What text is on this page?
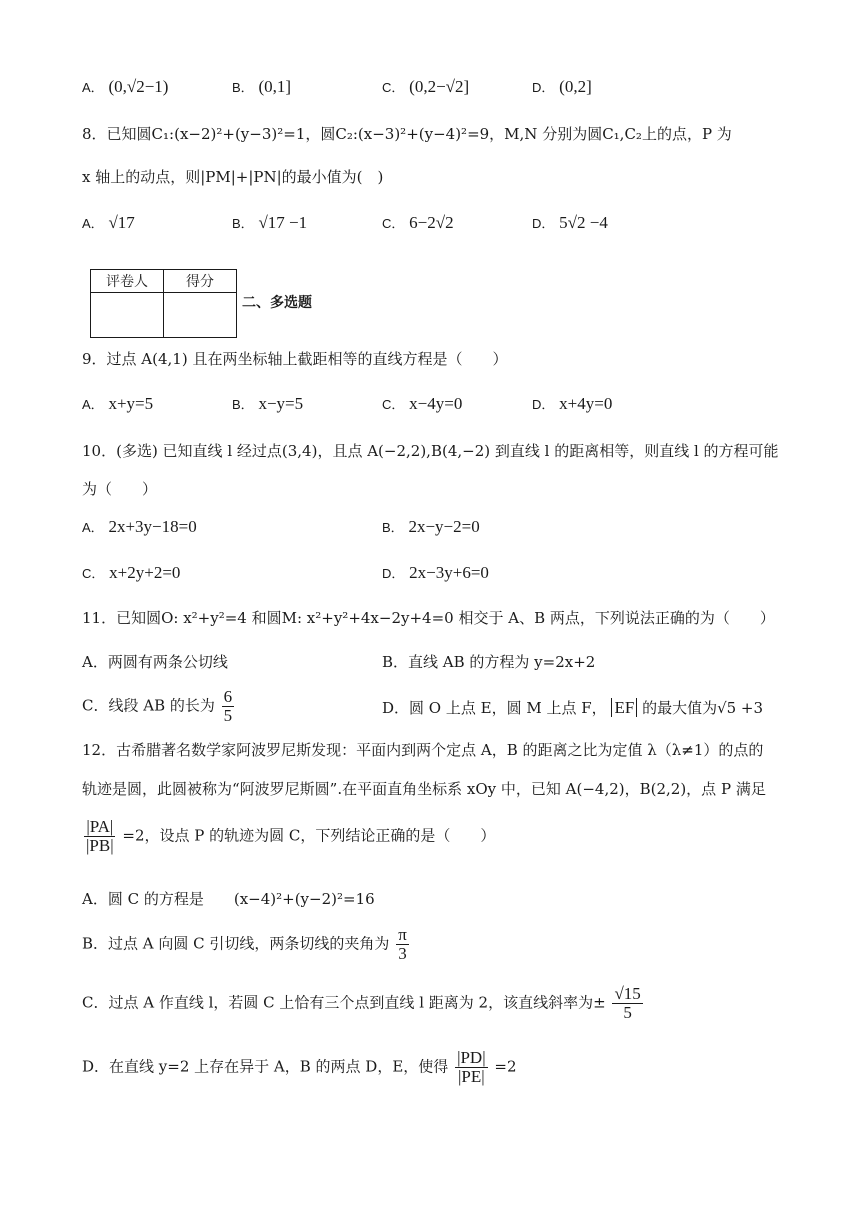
A． (0,√2−1)	B． (0,1]	C． (0,2−√2]	D． (0,2]
8．已知圆C₁:(x−2)²+(y−3)²=1，圆C₂:(x−3)²+(y−4)²=9，M,N 分别为圆C₁,C₂上的点，P 为
x 轴上的动点，则|PM|+|PN|的最小值为(　)
A． √17	B． √17 −1	C． 6−2√2	D． 5√2 −4
评卷人	得分

二、多选题
9．过点 A(4,1) 且在两坐标轴上截距相等的直线方程是（　　）
A． x+y=5	B． x−y=5	C． x−4y=0	D． x+4y=0
10．(多选) 已知直线 l 经过点(3,4)，且点 A(−2,2),B(4,−2) 到直线 l 的距离相等，则直线 l 的方程可能
为（　　）
A． 2x+3y−18=0	B． 2x−y−2=0
C． x+2y+2=0	D． 2x−3y+6=0
11．已知圆O: x²+y²=4 和圆M: x²+y²+4x−2y+4=0 相交于 A、B 两点，下列说法正确的为（　　）
A．两圆有两条公切线	B．直线 AB 的方程为 y=2x+2
C．线段 AB 的长为 $\frac{6}{5}$	D．圆 O 上点 E，圆 M 上点 F， EF 的最大值为√5 +3
12．古希腊著名数学家阿波罗尼斯发现：平面内到两个定点 A，B 的距离之比为定值 λ（λ≠1）的点的
轨迹是圆，此圆被称为“阿波罗尼斯圆”.在平面直角坐标系 xOy 中，已知 A(−4,2)，B(2,2)，点 P 满足
$\frac{|PA|}{|PB|} =2$，设点 P 的轨迹为圆 C，下列结论正确的是（　　）
A．圆 C 的方程是　　(x−4)²+(y−2)²=16
B．过点 A 向圆 C 引切线，两条切线的夹角为 $\frac{\pi}{3}$
C．过点 A 作直线 l，若圆 C 上恰有三个点到直线 l 距离为 2，该直线斜率为± $\frac{√15}{5}$
D．在直线 y=2 上存在异于 A，B 的两点 D，E，使得 $\frac{|PD|}{|PE|} =2$
